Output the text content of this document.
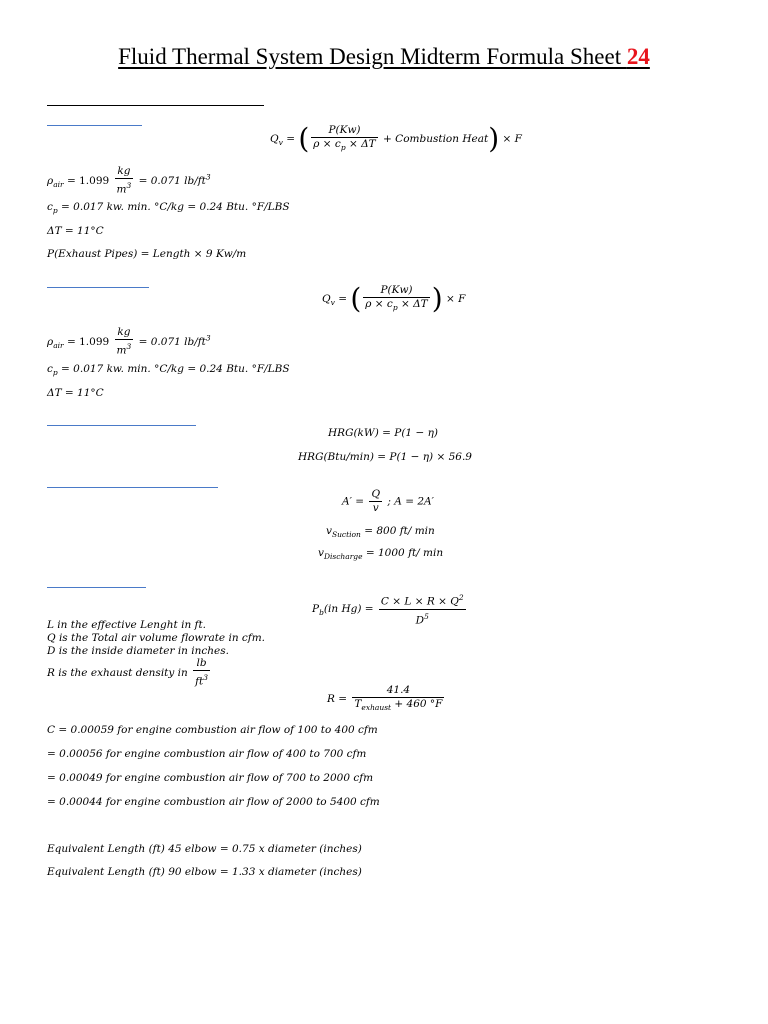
Fluid Thermal System Design Midterm Formula Sheet 24
$Q_v$ = ( $\frac{P(Kw)}{\rho \times c_p \times \Delta T}$ + Combustion Heat) × F
$\rho_{air} = 1.099 \frac{kg}{m^3} = 0.071$ $lb/ft^3$
$c_p = 0.017$ kw. min. °C/kg = 0.24 Btu. °F/LBS
ΔT = 11°C
P(Exhaust Pipes) = Length × 9 Kw/m
$Q_v$ = ( $\frac{P(Kw)}{\rho \times c_p \times \Delta T}$ ) × F
$\rho_{air} = 1.099 \frac{kg}{m^3} = 0.071$ $lb/ft^3$
$c_p = 0.017$ kw. min. °C/kg = 0.24 Btu. °F/LBS
ΔT = 11°C
HRG(kW) = P(1 − η)
HRG(Btu/min) = P(1 − η) × 56.9
$A' = \frac{Q}{v}$ ; A = 2A′
$v_{Suction} = 800$ ft/ min
$v_{Discharge} = 1000$ ft/ min
$P_b(in$ $Hg) = \frac{C \times L \times R \times Q^2}{D^5}$
L in the effective Lenght in ft.
Q is the Total air volume flowrate in cfm.
D is the inside diameter in inches.
R is the exhaust density in $\frac{lb}{ft^3}$
R =
41.4
$T_{exhaust} + 460$ °F
C = 0.00059 for engine combustion air flow of 100 to 400 cfm
= 0.00056 for engine combustion air flow of 400 to 700 cfm
= 0.00049 for engine combustion air flow of 700 to 2000 cfm
= 0.00044 for engine combustion air flow of 2000 to 5400 cfm
Equivalent Length (ft) 45 elbow = 0.75 x diameter (inches)
Equivalent Length (ft) 90 elbow = 1.33 x diameter (inches)
